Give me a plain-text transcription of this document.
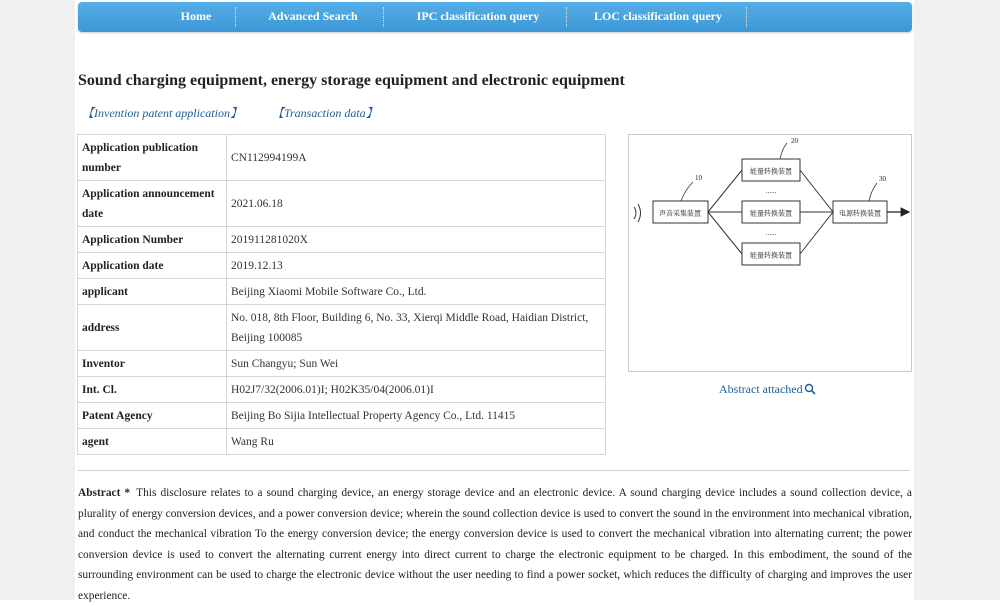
Home	Advanced Search	IPC classification query	LOC classification query
Sound charging equipment, energy storage equipment and electronic equipment
【Invention patent application】	【Transaction data】
Application publication number	CN112994199A
Application announcement date	2021.06.18
Application Number	201911281020X
Application date	2019.12.13
applicant	Beijing Xiaomi Mobile Software Co., Ltd.
address	No. 018, 8th Floor, Building 6, No. 33, Xierqi Middle Road, Haidian District, Beijing 100085
Inventor	Sun Changyu; Sun Wei
Int. Cl.	H02J7/32(2006.01)I; H02K35/04(2006.01)I
Patent Agency	Beijing Bo Sijia Intellectual Property Agency Co., Ltd. 11415
agent	Wang Ru
声音采集装置
能量转换装置
能量转换装置
能量转换装置
电源转换装置
......
......
20
10	30
Abstract attached
Abstract * This disclosure relates to a sound charging device, an energy storage device and an electronic device. A sound charging device includes a sound collection device, a plurality of energy conversion devices, and a power conversion device; wherein the sound collection device is used to convert the sound in the environment into mechanical vibration, and conduct the mechanical vibration To the energy conversion device; the energy conversion device is used to convert the mechanical vibration into alternating current; the power conversion device is used to convert the alternating current energy into direct current to charge the electronic equipment to be charged. In this embodiment, the sound of the surrounding environment can be used to charge the electronic device without the user needing to find a power socket, which reduces the difficulty of charging and improves the user experience.
